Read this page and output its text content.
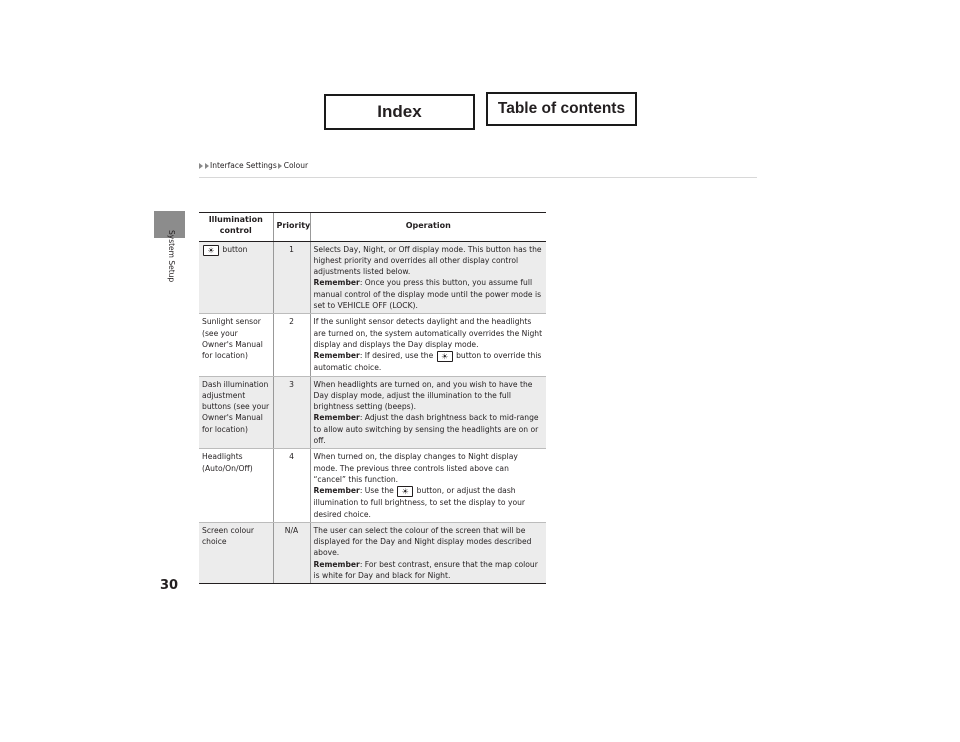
Index	Table of contents
Interface Settings Colour
System Setup
Illumination control	Priority	Operation
☀︎ button	1	Selects Day, Night, or Off display mode. This button has the highest priority and overrides all other display control adjustments listed below.
Remember: Once you press this button, you assume full manual control of the display mode until the power mode is set to VEHICLE OFF (LOCK).
Sunlight sensor (see your Owner's Manual for location)	2	If the sunlight sensor detects daylight and the headlights are turned on, the system automatically overrides the Night display and displays the Day display mode.
Remember: If desired, use the ☀︎ button to override this automatic choice.
Dash illumination adjustment buttons (see your Owner's Manual for location)	3	When headlights are turned on, and you wish to have the Day display mode, adjust the illumination to the full brightness setting (beeps).
Remember: Adjust the dash brightness back to mid-range to allow auto switching by sensing the headlights are on or off.
Headlights (Auto/On/Off)	4	When turned on, the display changes to Night display mode. The previous three controls listed above can “cancel” this function.
Remember: Use the ☀︎ button, or adjust the dash illumination to full brightness, to set the display to your desired choice.
Screen colour choice	N/A	The user can select the colour of the screen that will be displayed for the Day and Night display modes described above.
Remember: For best contrast, ensure that the map colour is white for Day and black for Night.
30
